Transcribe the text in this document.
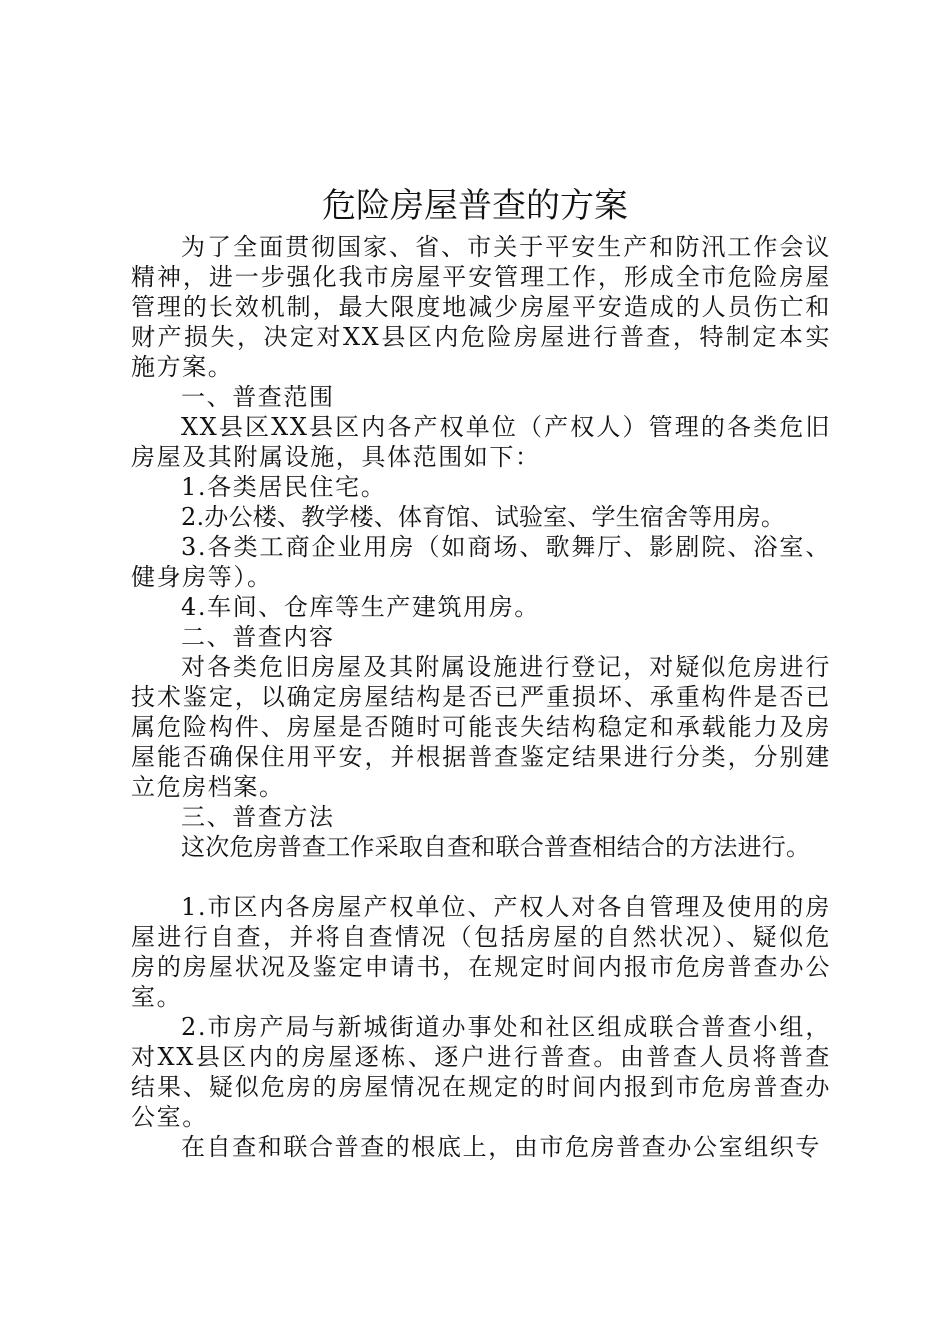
危险房屋普查的方案

为了全面贯彻国家、省、市关于平安生产和防汛工作会议精神，进一步强化我市房屋平安管理工作，形成全市危险房屋管理的长效机制，最大限度地减少房屋平安造成的人员伤亡和财产损失，决定对XX县区内危险房屋进行普查，特制定本实施方案。

一、普查范围

XX县区XX县区内各产权单位（产权人）管理的各类危旧房屋及其附属设施，具体范围如下：

1.各类居民住宅。

2.办公楼、教学楼、体育馆、试验室、学生宿舍等用房。

3.各类工商企业用房（如商场、歌舞厅、影剧院、浴室、健身房等）。

4.车间、仓库等生产建筑用房。

二、普查内容

对各类危旧房屋及其附属设施进行登记，对疑似危房进行技术鉴定，以确定房屋结构是否已严重损坏、承重构件是否已属危险构件、房屋是否随时可能丧失结构稳定和承载能力及房屋能否确保住用平安，并根据普查鉴定结果进行分类，分别建立危房档案。

三、普查方法

这次危房普查工作采取自查和联合普查相结合的方法进行。

1.市区内各房屋产权单位、产权人对各自管理及使用的房屋进行自查，并将自查情况（包括房屋的自然状况）、疑似危房的房屋状况及鉴定申请书，在规定时间内报市危房普查办公室。

2.市房产局与新城街道办事处和社区组成联合普查小组，对XX县区内的房屋逐栋、逐户进行普查。由普查人员将普查结果、疑似危房的房屋情况在规定的时间内报到市危房普查办公室。

在自查和联合普查的根底上，由市危房普查办公室组织专
